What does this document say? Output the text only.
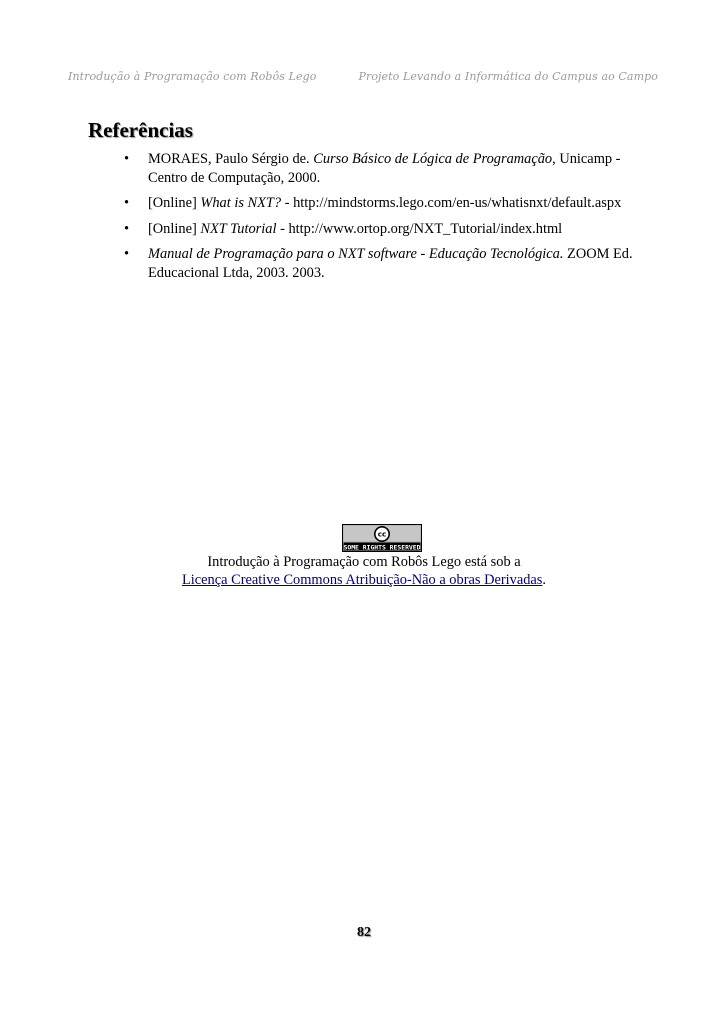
Introdução à Programação com Robôs Lego	Projeto Levando a Informática do Campus ao Campo
Referências
• MORAES, Paulo Sérgio de. Curso Básico de Lógica de Programação, Unicamp - Centro de Computação, 2000.
• [Online] What is NXT? - http://mindstorms.lego.com/en-us/whatisnxt/default.aspx
• [Online] NXT Tutorial - http://www.ortop.org/NXT_Tutorial/index.html
• Manual de Programação para o NXT software - Educação Tecnológica. ZOOM Ed. Educacional Ltda, 2003. 2003.
cc
SOME RIGHTS RESERVED
Introdução à Programação com Robôs Lego está sob a
Licença Creative Commons Atribuição-Não a obras Derivadas.
82
